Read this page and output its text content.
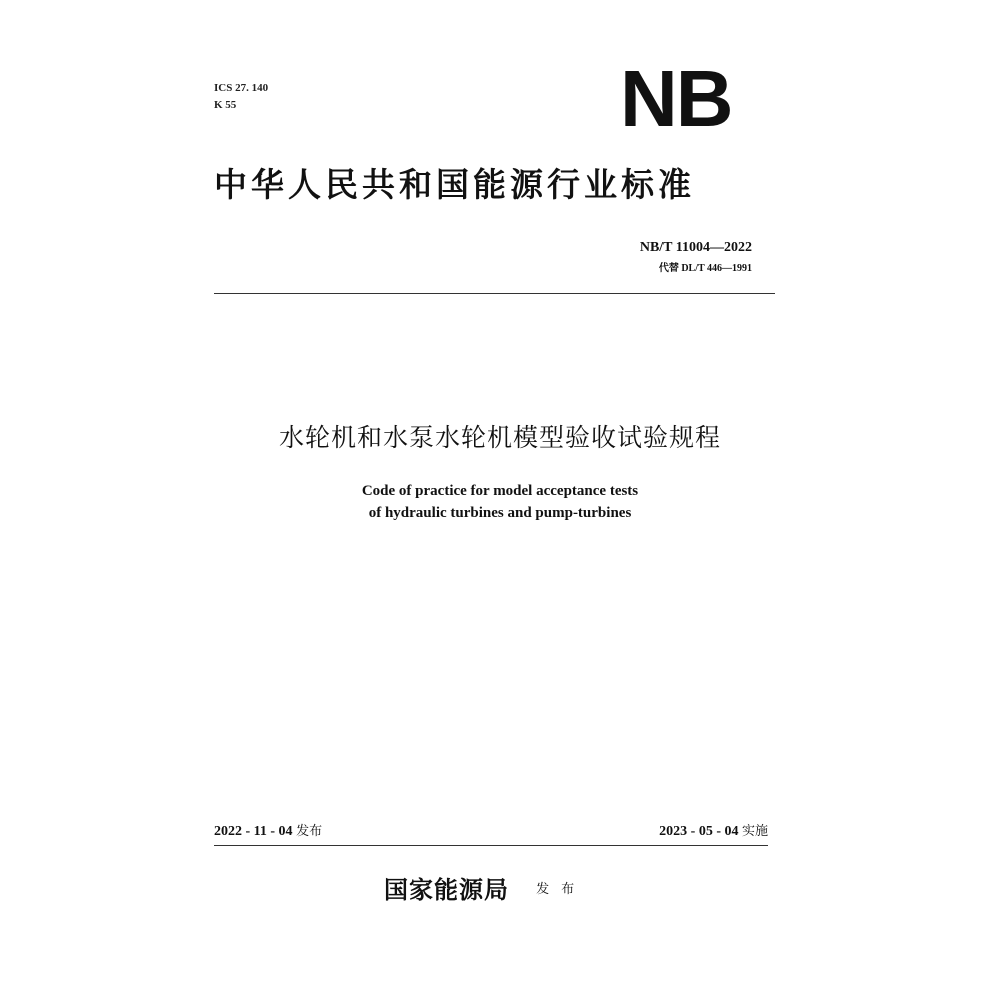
ICS 27. 140
K 55	NB
中华人民共和国能源行业标准
NB/T 11004—2022
代替 DL/T 446—1991
水轮机和水泵水轮机模型验收试验规程
Code of practice for model acceptance tests
of hydraulic turbines and pump-turbines
2022 - 11 - 04 发布	2023 - 05 - 04 实施
国家能源局 $^{发布}$
